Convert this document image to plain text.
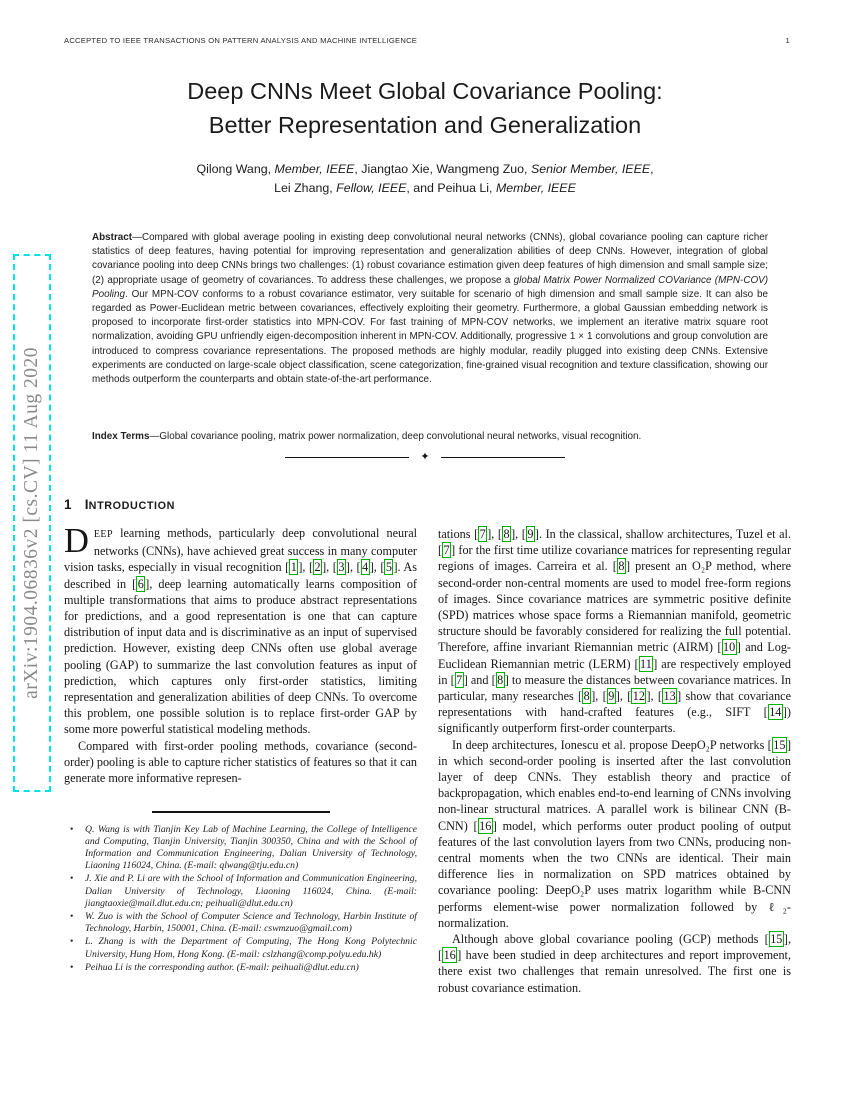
ACCEPTED TO IEEE TRANSACTIONS ON PATTERN ANALYSIS AND MACHINE INTELLIGENCE	1
arXiv:1904.06836v2 [cs.CV] 11 Aug 2020
Deep CNNs Meet Global Covariance Pooling:
Better Representation and Generalization
Qilong Wang, Member, IEEE, Jiangtao Xie, Wangmeng Zuo, Senior Member, IEEE,
Lei Zhang, Fellow, IEEE, and Peihua Li, Member, IEEE
Abstract—Compared with global average pooling in existing deep convolutional neural networks (CNNs), global covariance pooling can capture richer statistics of deep features, having potential for improving representation and generalization abilities of deep CNNs. However, integration of global covariance pooling into deep CNNs brings two challenges: (1) robust covariance estimation given deep features of high dimension and small sample size; (2) appropriate usage of geometry of covariances. To address these challenges, we propose a global Matrix Power Normalized COVariance (MPN-COV) Pooling. Our MPN-COV conforms to a robust covariance estimator, very suitable for scenario of high dimension and small sample size. It can also be regarded as Power-Euclidean metric between covariances, effectively exploiting their geometry. Furthermore, a global Gaussian embedding network is proposed to incorporate first-order statistics into MPN-COV. For fast training of MPN-COV networks, we implement an iterative matrix square root normalization, avoiding GPU unfriendly eigen-decomposition inherent in MPN-COV. Additionally, progressive 1 × 1 convolutions and group convolution are introduced to compress covariance representations. The proposed methods are highly modular, readily plugged into existing deep CNNs. Extensive experiments are conducted on large-scale object classification, scene categorization, fine-grained visual recognition and texture classification, showing our methods outperform the counterparts and obtain state-of-the-art performance.
Index Terms—Global covariance pooling, matrix power normalization, deep convolutional neural networks, visual recognition.
✦
1 INTRODUCTION

DEEP learning methods, particularly deep convolutional neural networks (CNNs), have achieved great success in many computer vision tasks, especially in visual recognition [ 1 ], [ 2 ], [ 3 ], [ 4 ], [ 5 ]. As described in [ 6 ], deep learning automatically learns composition of multiple transformations that aims to produce abstract representations for predictions, and a good representation is one that can capture distribution of input data and is discriminative as an input of supervised prediction. However, existing deep CNNs often use global average pooling (GAP) to summarize the last convolution features as input of prediction, which captures only first-order statistics, limiting representation and generalization abilities of deep CNNs. To overcome this problem, one possible solution is to replace first-order GAP by some more powerful statistical modeling methods.

Compared with first-order pooling methods, covariance (second-order) pooling is able to capture richer statistics of features so that it can generate more informative represen-

• Q. Wang is with Tianjin Key Lab of Machine Learning, the College of Intelligence and Computing, Tianjin University, Tianjin 300350, China and with the School of Information and Communication Engineering, Dalian University of Technology, Liaoning 116024, China. (E-mail: qlwang@tju.edu.cn)
• J. Xie and P. Li are with the School of Information and Communication Engineering, Dalian University of Technology, Liaoning 116024, China. (E-mail: jiangtaoxie@mail.dlut.edu.cn; peihuali@dlut.edu.cn)
• W. Zuo is with the School of Computer Science and Technology, Harbin Institute of Technology, Harbin, 150001, China. (E-mail: cswmzuo@gmail.com)
• L. Zhang is with the Department of Computing, The Hong Kong Polytechnic University, Hung Hom, Hong Kong. (E-mail: cslzhang@comp.polyu.edu.hk)
• Peihua Li is the corresponding author. (E-mail: peihuali@dlut.edu.cn)

tations [ 7 ], [ 8 ], [ 9 ]. In the classical, shallow architectures, Tuzel et al. [ 7 ] for the first time utilize covariance matrices for representing regular regions of images. Carreira et al. [ 8 ] present an O₂P method, where second-order non-central moments are used to model free-form regions of images. Since covariance matrices are symmetric positive definite (SPD) matrices whose space forms a Riemannian manifold, geometric structure should be favorably considered for realizing the full potential. Therefore, affine invariant Riemannian metric (AIRM) [ 10 ] and Log-Euclidean Riemannian metric (LERM) [ 11 ] are respectively employed in [ 7 ] and [ 8 ] to measure the distances between covariance matrices. In particular, many researches [ 8 ], [ 9 ], [ 12 ], [ 13 ] show that covariance representations with hand-crafted features (e.g., SIFT [ 14 ]) significantly outperform first-order counterparts.

In deep architectures, Ionescu et al. propose DeepO₂P networks [ 15 ] in which second-order pooling is inserted after the last convolution layer of deep CNNs. They establish theory and practice of backpropagation, which enables end-to-end learning of CNNs involving non-linear structural matrices. A parallel work is bilinear CNN (B-CNN) [ 16 ] model, which performs outer product pooling of output features of the last convolution layers from two CNNs, producing non-central moments when the two CNNs are identical. Their main difference lies in normalization on SPD matrices obtained by covariance pooling: DeepO₂P uses matrix logarithm while B-CNN performs element-wise power normalization followed by ℓ₂-normalization.

Although above global covariance pooling (GCP) methods [ 15 ], [ 16 ] have been studied in deep architectures and report improvement, there exist two challenges that remain unresolved. The first one is robust covariance estimation.
